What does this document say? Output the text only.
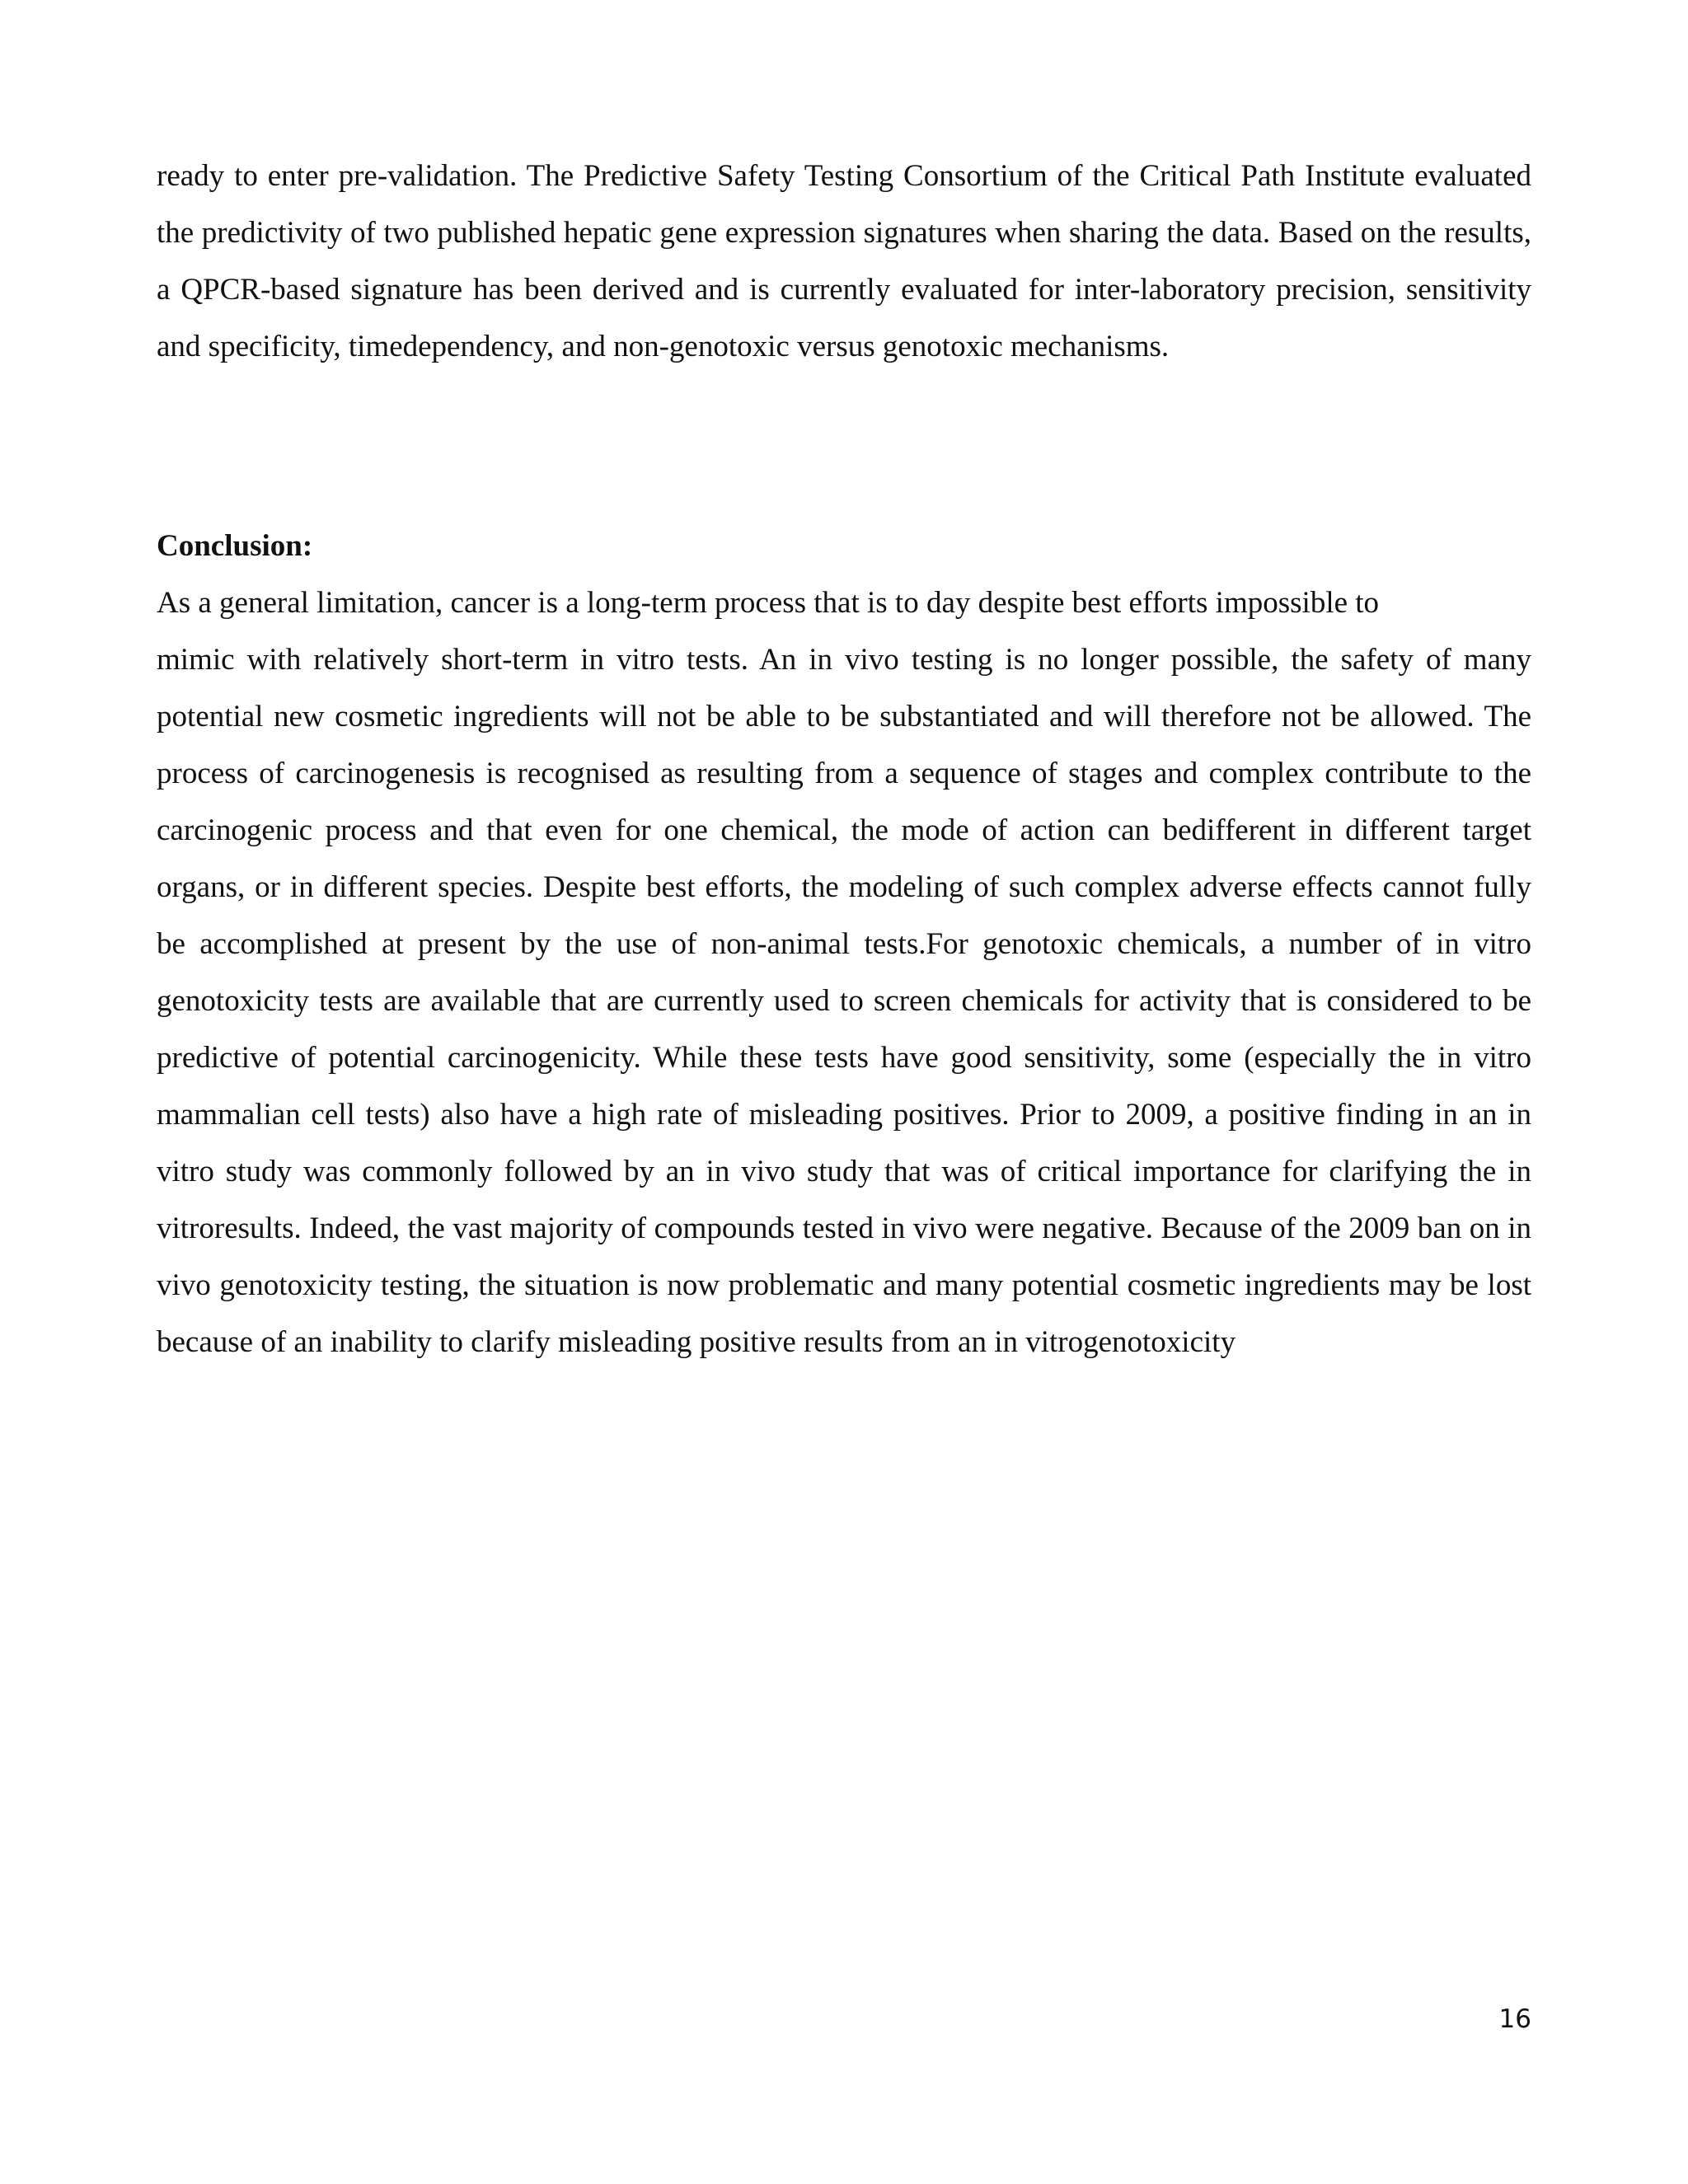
ready to enter pre-validation. The Predictive Safety Testing Consortium of the Critical Path Institute evaluated the predictivity of two published hepatic gene expression signatures when sharing the data. Based on the results, a QPCR-based signature has been derived and is currently evaluated for inter-laboratory precision, sensitivity and specificity, timedependency, and non-genotoxic versus genotoxic mechanisms.

Conclusion:

As a general limitation, cancer is a long-term process that is to day despite best efforts impossible to
mimic with relatively short-term in vitro tests. An in vivo testing is no longer possible, the safety of many potential new cosmetic ingredients will not be able to be substantiated and will therefore not be allowed. The process of carcinogenesis is recognised as resulting from a sequence of stages and complex contribute to the carcinogenic process and that even for one chemical, the mode of action can bedifferent in different target organs, or in different species. Despite best efforts, the modeling of such complex adverse effects cannot fully be accomplished at present by the use of non-animal tests.For genotoxic chemicals, a number of in vitro genotoxicity tests are available that are currently used to screen chemicals for activity that is considered to be predictive of potential carcinogenicity. While these tests have good sensitivity, some (especially the in vitro mammalian cell tests) also have a high rate of misleading positives. Prior to 2009, a positive finding in an in vitro study was commonly followed by an in vivo study that was of critical importance for clarifying the in vitroresults. Indeed, the vast majority of compounds tested in vivo were negative. Because of the 2009 ban on in vivo genotoxicity testing, the situation is now problematic and many potential cosmetic ingredients may be lost because of an inability to clarify misleading positive results from an in vitrogenotoxicity

16
